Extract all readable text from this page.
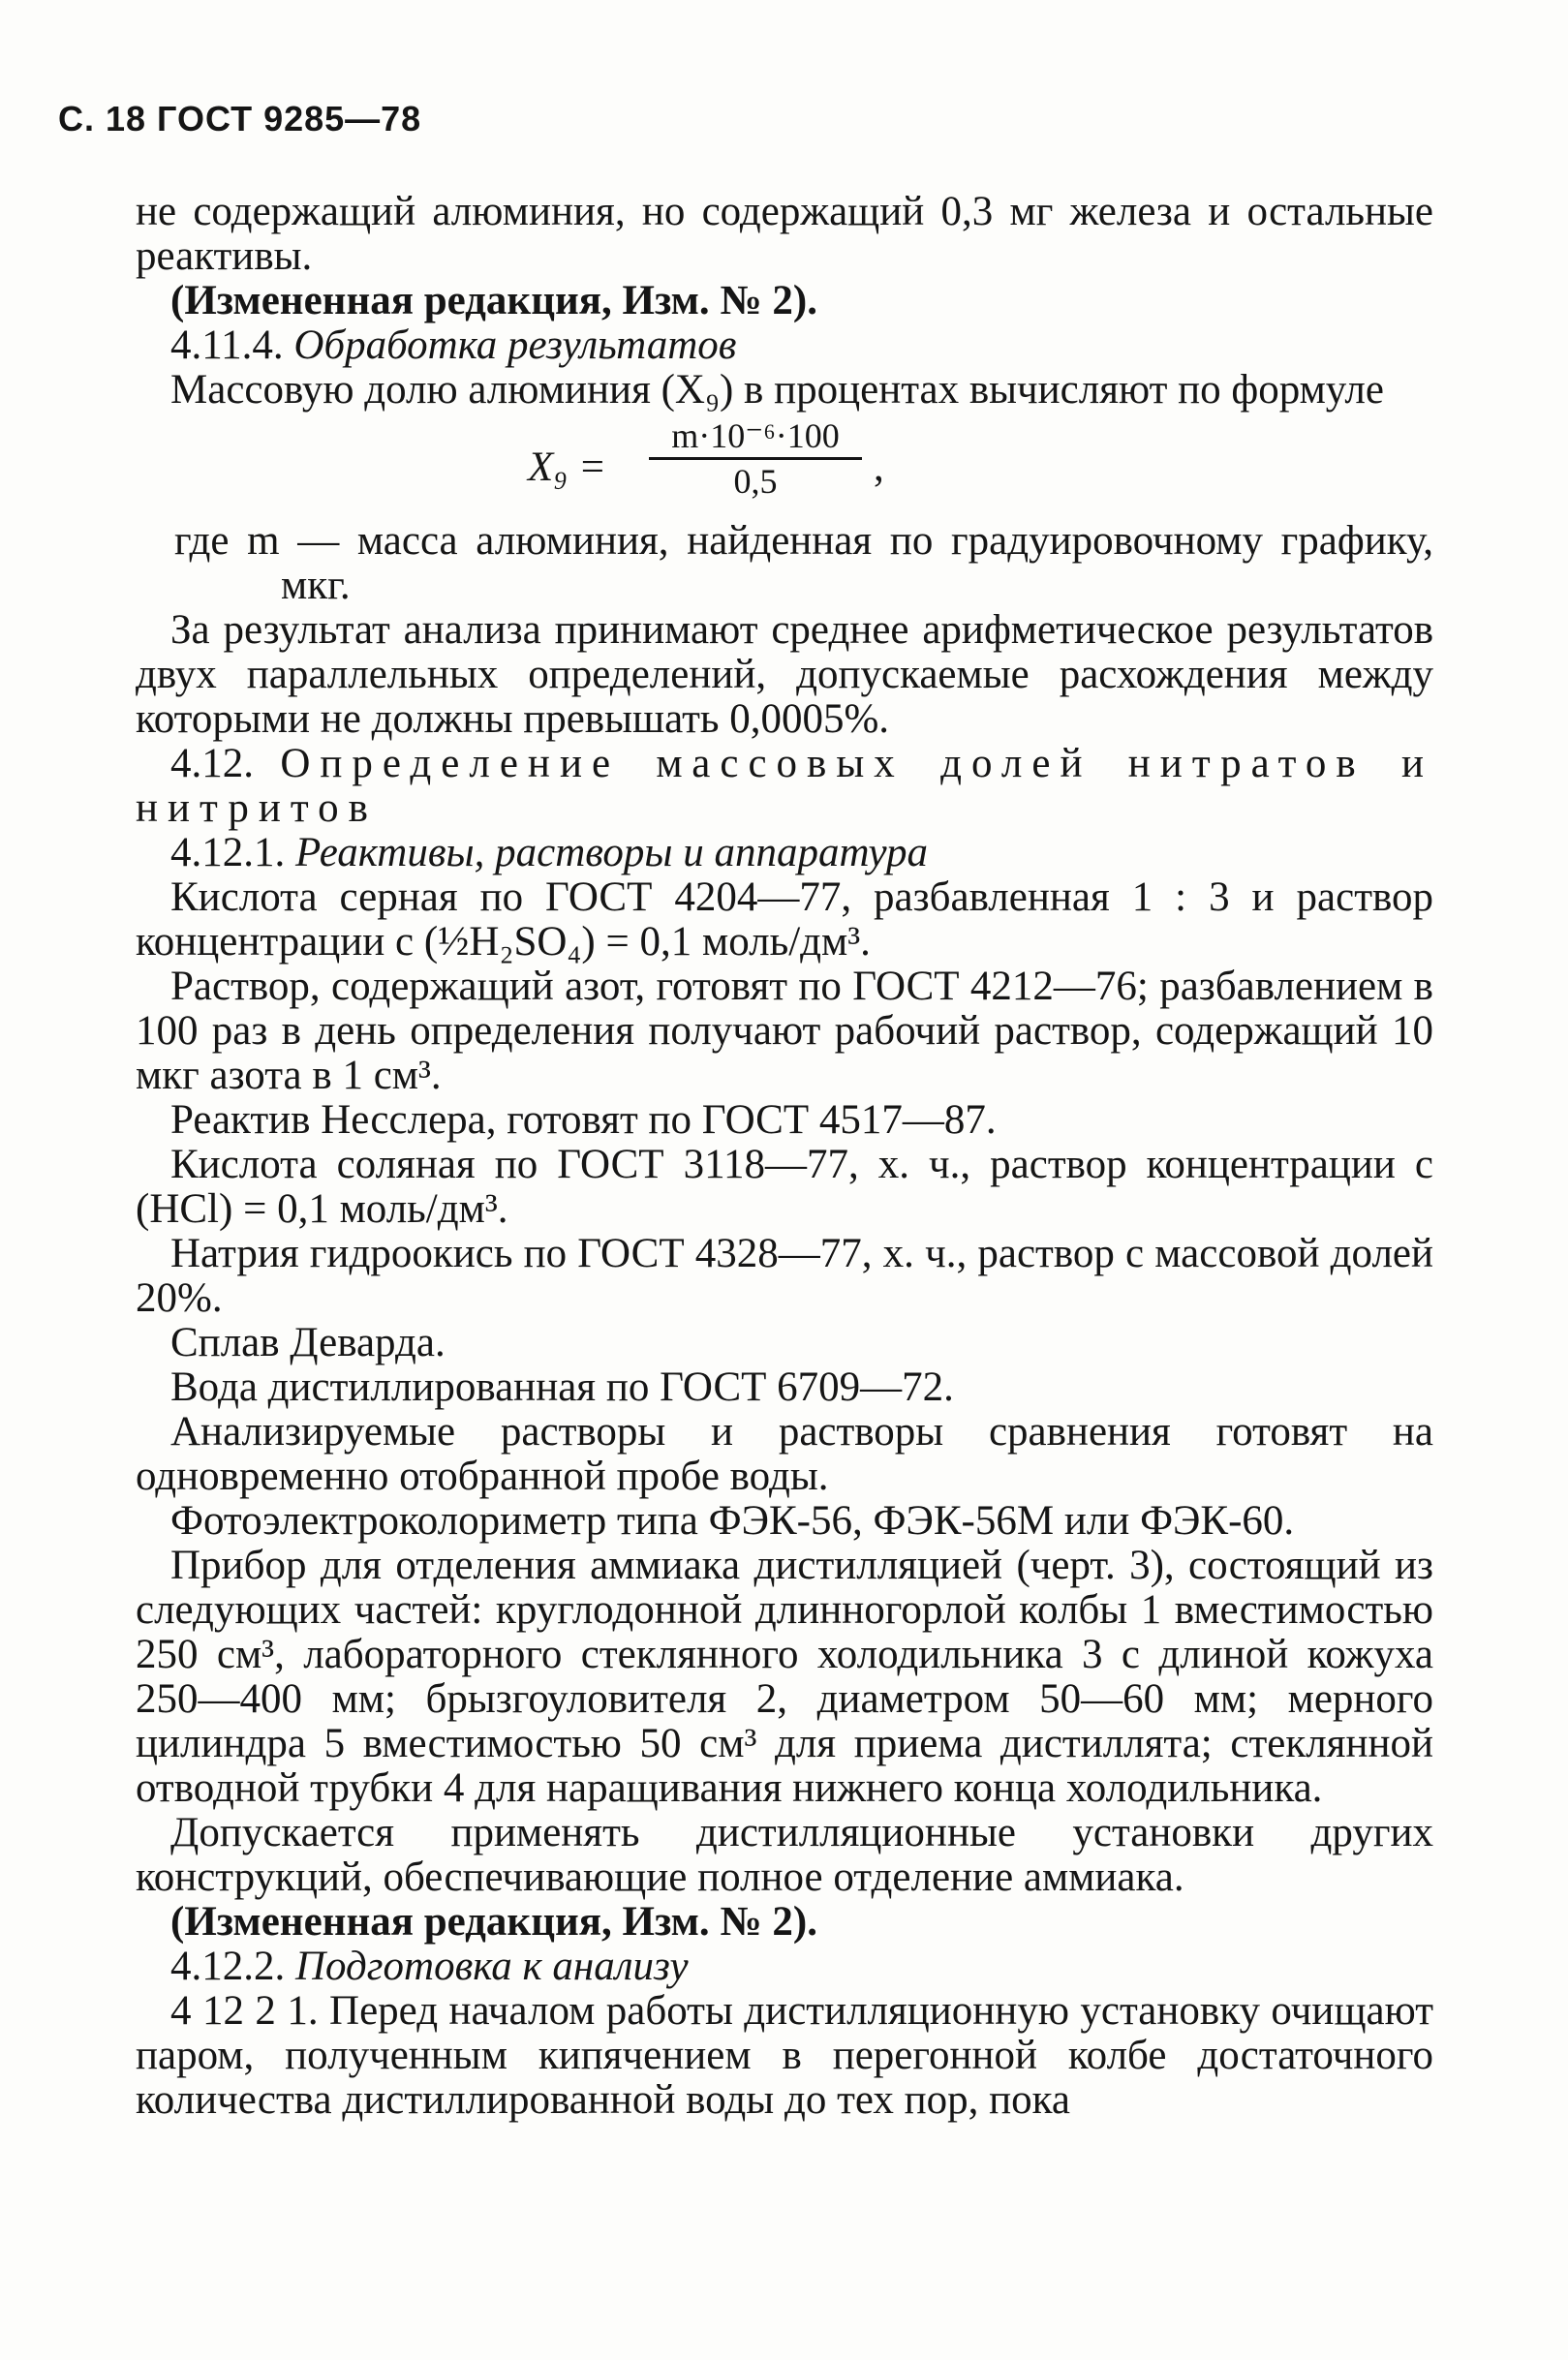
С. 18 ГОСТ 9285—78

не содержащий алюминия, но содержащий 0,3 мг железа и остальные реактивы.

(Измененная редакция, Изм. № 2).

4.11.4. Обработка результатов

Массовую долю алюминия (X₉) в процентах вычисляют по формуле

$X_9 = \frac{\text{m·10⁻⁶·100}}{0,5}$ ,

где m — масса алюминия, найденная по градуировочному графику, мкг.

За результат анализа принимают среднее арифметическое результатов двух параллельных определений, допускаемые расхождения между которыми не должны превышать 0,0005%.

4.12. Определение массовых долей нитратов и нитритов

4.12.1. Реактивы, растворы и аппаратура

Кислота серная по ГОСТ 4204—77, разбавленная 1 : 3 и раствор концентрации с (½H₂SO₄) = 0,1 моль/дм³.

Раствор, содержащий азот, готовят по ГОСТ 4212—76; разбавлением в 100 раз в день определения получают рабочий раствор, содержащий 10 мкг азота в 1 см³.

Реактив Несслера, готовят по ГОСТ 4517—87.

Кислота соляная по ГОСТ 3118—77, х. ч., раствор концентрации с (HCl) = 0,1 моль/дм³.

Натрия гидроокись по ГОСТ 4328—77, х. ч., раствор с массовой долей 20%.

Сплав Деварда.

Вода дистиллированная по ГОСТ 6709—72.

Анализируемые растворы и растворы сравнения готовят на одновременно отобранной пробе воды.

Фотоэлектроколориметр типа ФЭК-56, ФЭК-56М или ФЭК-60.

Прибор для отделения аммиака дистилляцией (черт. 3), состоящий из следующих частей: круглодонной длинногорлой колбы 1 вместимостью 250 см³, лабораторного стеклянного холодильника 3 с длиной кожуха 250—400 мм; брызгоуловителя 2, диаметром 50—60 мм; мерного цилиндра 5 вместимостью 50 см³ для приема дистиллята; стеклянной отводной трубки 4 для наращивания нижнего конца холодильника.

Допускается применять дистилляционные установки других конструкций, обеспечивающие полное отделение аммиака.

(Измененная редакция, Изм. № 2).

4.12.2. Подготовка к анализу

4 12 2 1. Перед началом работы дистилляционную установку очищают паром, полученным кипячением в перегонной колбе достаточного количества дистиллированной воды до тех пор, пока
